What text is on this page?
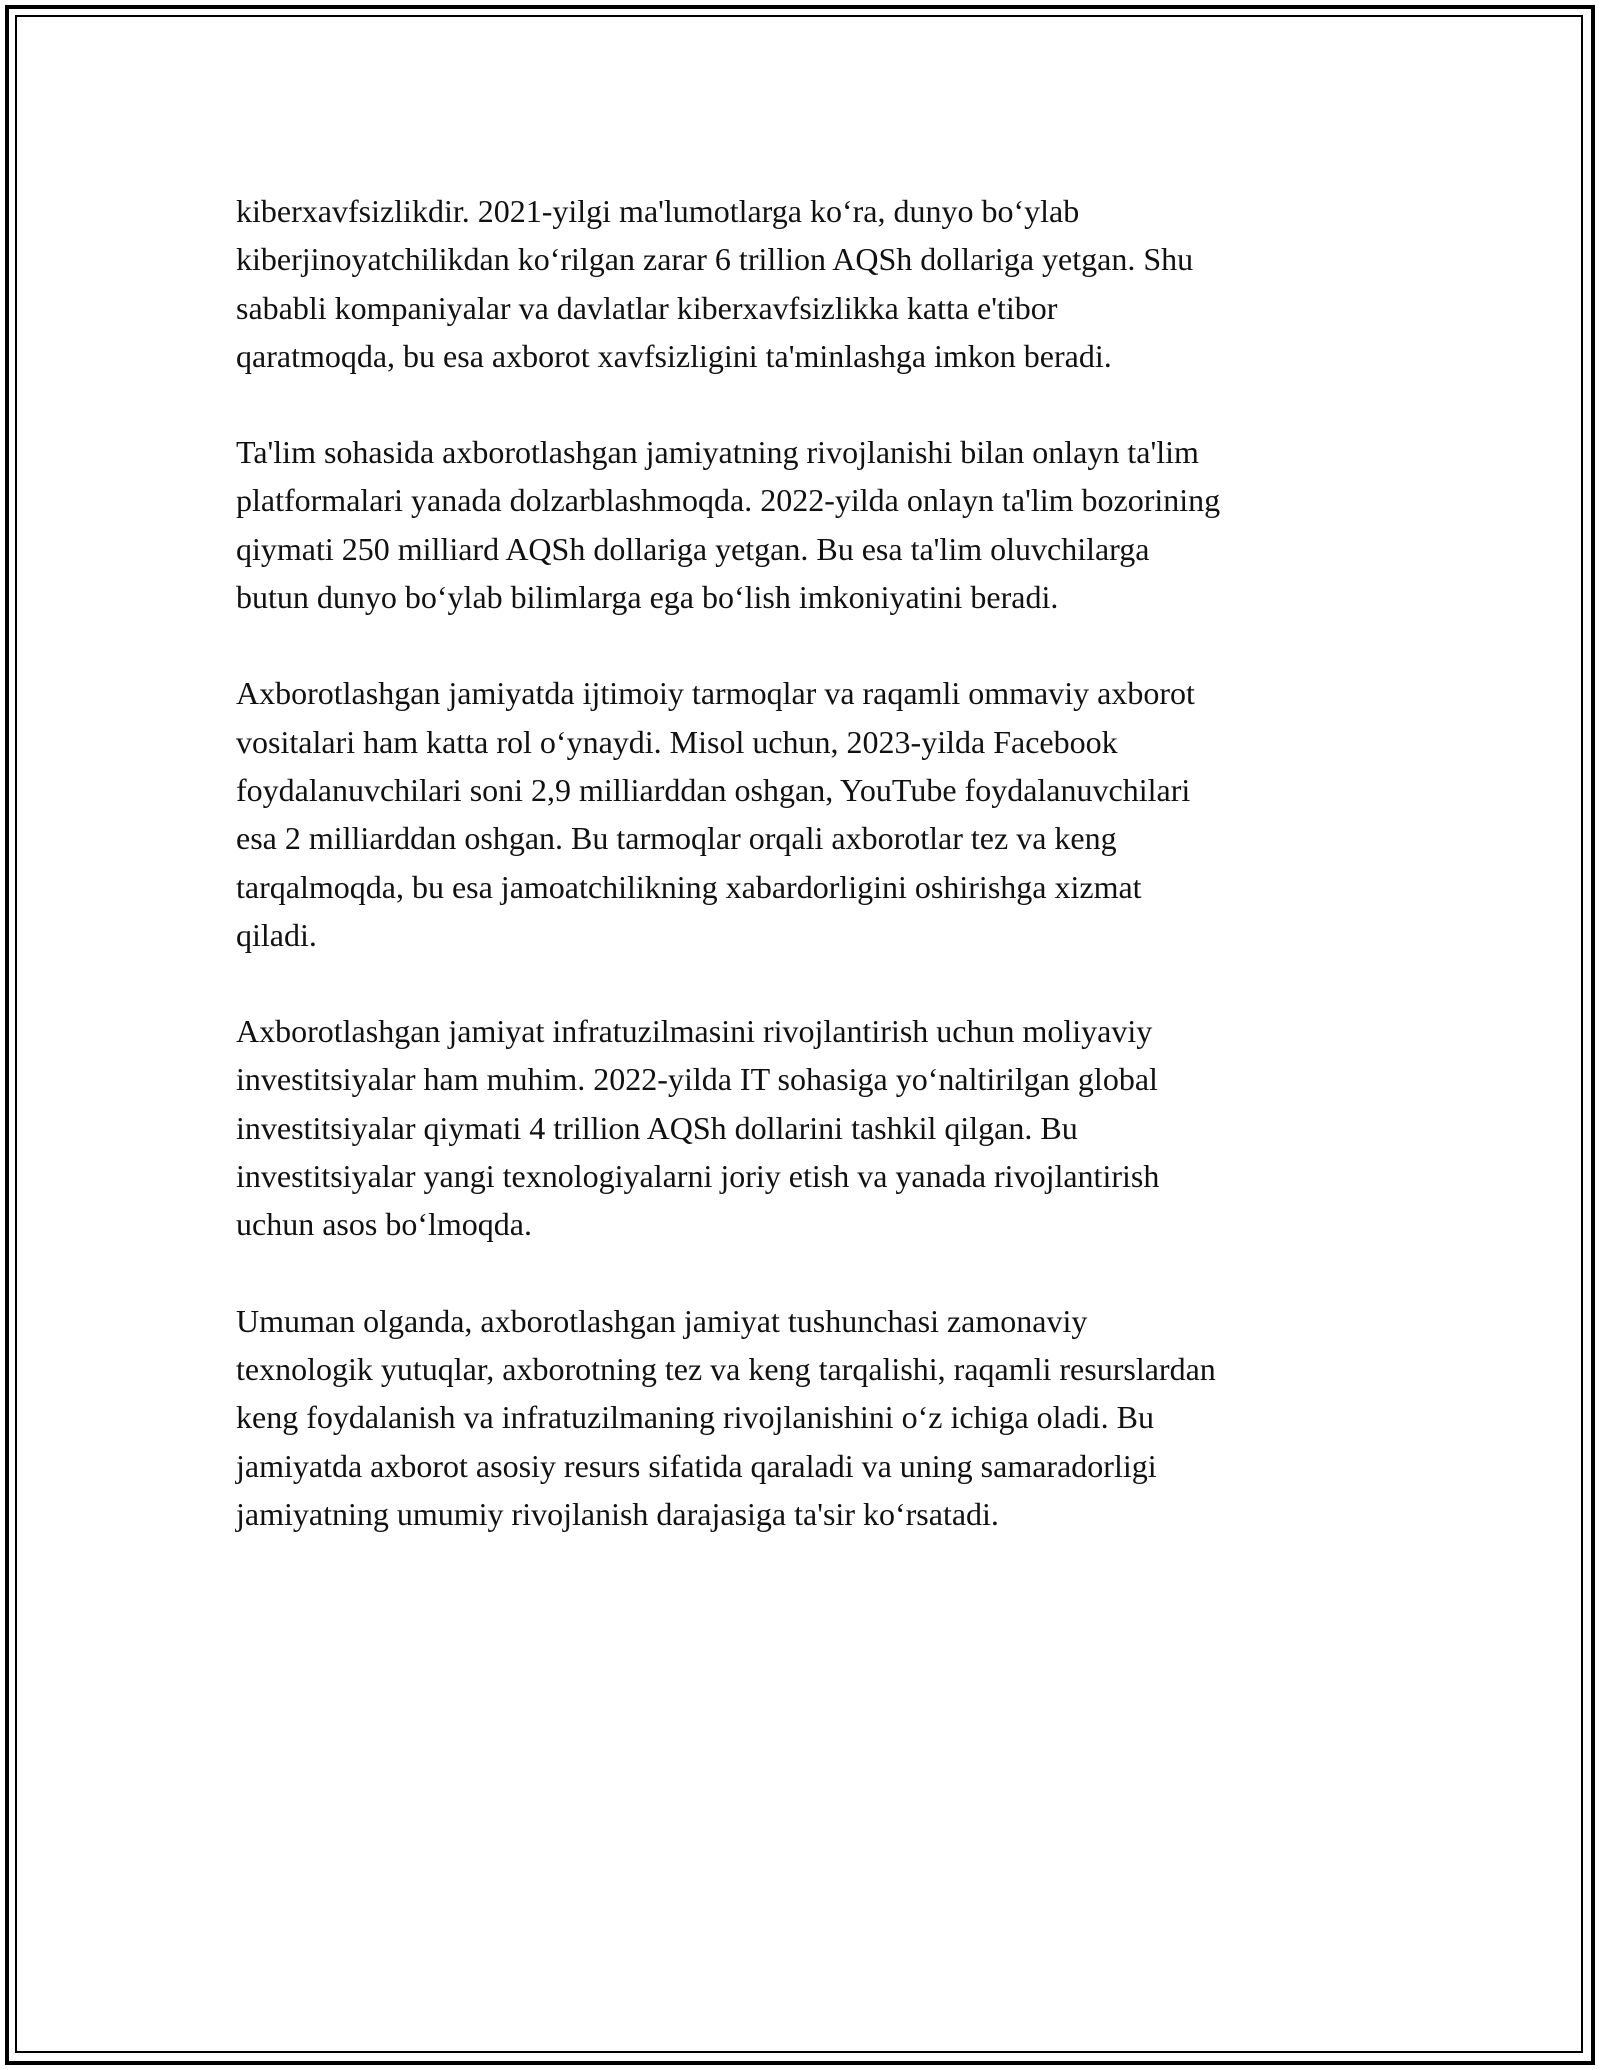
kiberxavfsizlikdir. 2021-yilgi ma'lumotlarga ko‘ra, dunyo bo‘ylab
kiberjinoyatchilikdan ko‘rilgan zarar 6 trillion AQSh dollariga yetgan. Shu
sababli kompaniyalar va davlatlar kiberxavfsizlikka katta e'tibor
qaratmoqda, bu esa axborot xavfsizligini ta'minlashga imkon beradi.

Ta'lim sohasida axborotlashgan jamiyatning rivojlanishi bilan onlayn ta'lim
platformalari yanada dolzarblashmoqda. 2022-yilda onlayn ta'lim bozorining
qiymati 250 milliard AQSh dollariga yetgan. Bu esa ta'lim oluvchilarga
butun dunyo bo‘ylab bilimlarga ega bo‘lish imkoniyatini beradi.

Axborotlashgan jamiyatda ijtimoiy tarmoqlar va raqamli ommaviy axborot
vositalari ham katta rol o‘ynaydi. Misol uchun, 2023-yilda Facebook
foydalanuvchilari soni 2,9 milliarddan oshgan, YouTube foydalanuvchilari
esa 2 milliarddan oshgan. Bu tarmoqlar orqali axborotlar tez va keng
tarqalmoqda, bu esa jamoatchilikning xabardorligini oshirishga xizmat
qiladi.

Axborotlashgan jamiyat infratuzilmasini rivojlantirish uchun moliyaviy
investitsiyalar ham muhim. 2022-yilda IT sohasiga yo‘naltirilgan global
investitsiyalar qiymati 4 trillion AQSh dollarini tashkil qilgan. Bu
investitsiyalar yangi texnologiyalarni joriy etish va yanada rivojlantirish
uchun asos bo‘lmoqda.

Umuman olganda, axborotlashgan jamiyat tushunchasi zamonaviy
texnologik yutuqlar, axborotning tez va keng tarqalishi, raqamli resurslardan
keng foydalanish va infratuzilmaning rivojlanishini o‘z ichiga oladi. Bu
jamiyatda axborot asosiy resurs sifatida qaraladi va uning samaradorligi
jamiyatning umumiy rivojlanish darajasiga ta'sir ko‘rsatadi.
